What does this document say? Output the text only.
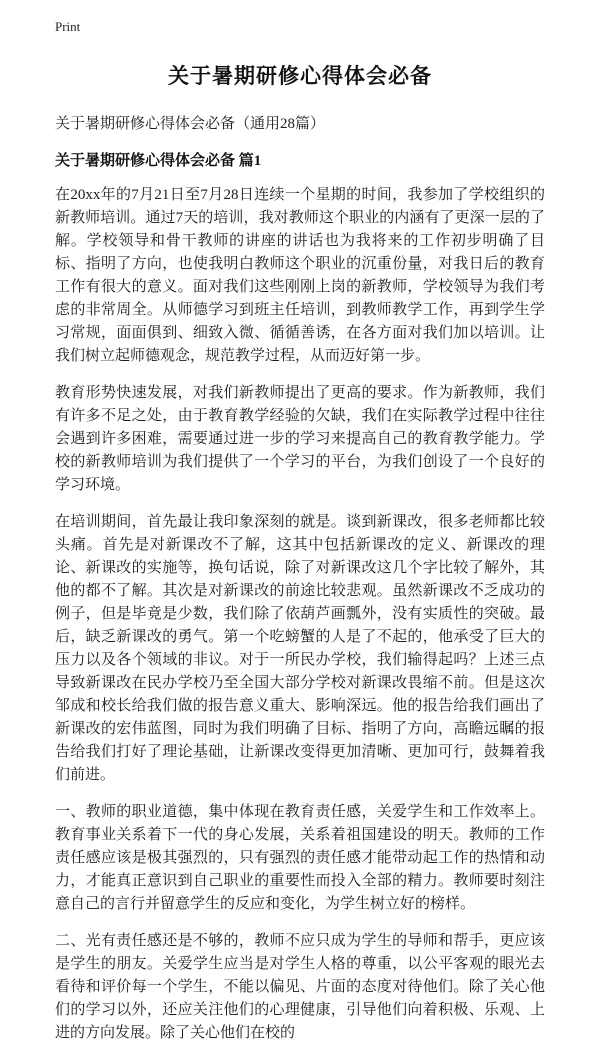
Print
关于暑期研修心得体会必备
关于暑期研修心得体会必备（通用28篇）
关于暑期研修心得体会必备 篇1
在20xx年的7月21日至7月28日连续一个星期的时间，我参加了学校组织的新教师培训。通过7天的培训，我对教师这个职业的内涵有了更深一层的了解。学校领导和骨干教师的讲座的讲话也为我将来的工作初步明确了目标、指明了方向，也使我明白教师这个职业的沉重份量，对我日后的教育工作有很大的意义。面对我们这些刚刚上岗的新教师，学校领导为我们考虑的非常周全。从师德学习到班主任培训，到教师教学工作，再到学生学习常规，面面俱到、细致入微、循循善诱，在各方面对我们加以培训。让我们树立起师德观念，规范教学过程，从而迈好第一步。
教育形势快速发展，对我们新教师提出了更高的要求。作为新教师，我们有许多不足之处，由于教育教学经验的欠缺，我们在实际教学过程中往往会遇到许多困难，需要通过进一步的学习来提高自己的教育教学能力。学校的新教师培训为我们提供了一个学习的平台，为我们创设了一个良好的学习环境。
在培训期间，首先最让我印象深刻的就是。谈到新课改，很多老师都比较头痛。首先是对新课改不了解，这其中包括新课改的定义、新课改的理论、新课改的实施等，换句话说，除了对新课改这几个字比较了解外，其他的都不了解。其次是对新课改的前途比较悲观。虽然新课改不乏成功的例子，但是毕竟是少数，我们除了依葫芦画瓢外，没有实质性的突破。最后，缺乏新课改的勇气。第一个吃螃蟹的人是了不起的，他承受了巨大的压力以及各个领域的非议。对于一所民办学校，我们输得起吗？上述三点导致新课改在民办学校乃至全国大部分学校对新课改畏缩不前。但是这次邹成和校长给我们做的报告意义重大、影响深远。他的报告给我们画出了新课改的宏伟蓝图，同时为我们明确了目标、指明了方向，高瞻远瞩的报告给我们打好了理论基础，让新课改变得更加清晰、更加可行，鼓舞着我们前进。
一、教师的职业道德，集中体现在教育责任感，关爱学生和工作效率上。教育事业关系着下一代的身心发展，关系着祖国建设的明天。教师的工作责任感应该是极其强烈的，只有强烈的责任感才能带动起工作的热情和动力，才能真正意识到自己职业的重要性而投入全部的精力。教师要时刻注意自己的言行并留意学生的反应和变化，为学生树立好的榜样。
二、光有责任感还是不够的，教师不应只成为学生的导师和帮手，更应该是学生的朋友。关爱学生应当是对学生人格的尊重，以公平客观的眼光去看待和评价每一个学生，不能以偏见、片面的态度对待他们。除了关心他们的学习以外，还应关注他们的心理健康，引导他们向着积极、乐观、上进的方向发展。除了关心他们在校的
